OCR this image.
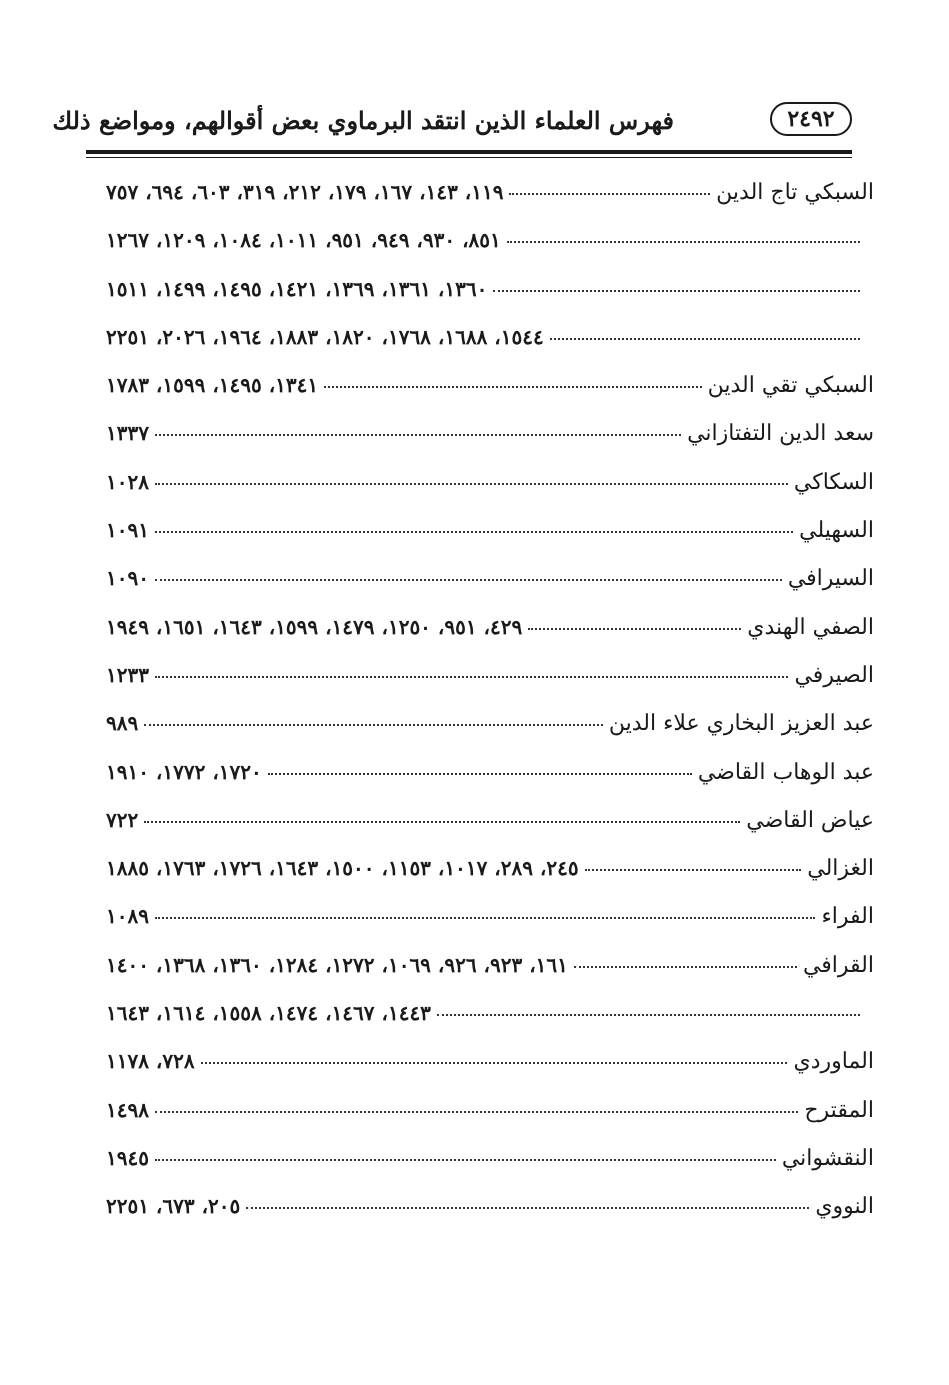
٢٤٩٢
فهرس العلماء الذين انتقد البرماوي بعض أقوالهم، ومواضع ذلك
السبكي تاج الدين
١١٩، ١٤٣، ١٦٧، ١٧٩، ٢١٢، ٣١٩، ٦٠٣، ٦٩٤، ٧٥٧
٨٥١، ٩٣٠، ٩٤٩، ٩٥١، ١٠١١، ١٠٨٤، ١٢٠٩، ١٢٦٧
١٣٦٠، ١٣٦١، ١٣٦٩، ١٤٢١، ١٤٩٥، ١٤٩٩، ١٥١١
١٥٤٤، ١٦٨٨، ١٧٦٨، ١٨٢٠، ١٨٨٣، ١٩٦٤، ٢٠٢٦، ٢٢٥١
السبكي تقي الدين
١٣٤١، ١٤٩٥، ١٥٩٩، ١٧٨٣
سعد الدين التفتازاني
١٣٣٧
السكاكي
١٠٢٨
السهيلي
١٠٩١
السيرافي
١٠٩٠
الصفي الهندي
٤٢٩، ٩٥١، ١٢٥٠، ١٤٧٩، ١٥٩٩، ١٦٤٣، ١٦٥١، ١٩٤٩
الصيرفي
١٢٣٣
عبد العزيز البخاري علاء الدين
٩٨٩
عبد الوهاب القاضي
١٧٢٠، ١٧٧٢، ١٩١٠
عياض القاضي
٧٢٢
الغزالي
٢٤٥، ٢٨٩، ١٠١٧، ١١٥٣، ١٥٠٠، ١٦٤٣، ١٧٢٦، ١٧٦٣، ١٨٨٥
الفراء
١٠٨٩
القرافي
١٦١، ٩٢٣، ٩٢٦، ١٠٦٩، ١٢٧٢، ١٢٨٤، ١٣٦٠، ١٣٦٨، ١٤٠٠
١٤٤٣، ١٤٦٧، ١٤٧٤، ١٥٥٨، ١٦١٤، ١٦٤٣
الماوردي
٧٢٨، ١١٧٨
المقترح
١٤٩٨
النقشواني
١٩٤٥
النووي
٢٠٥، ٦٧٣، ٢٢٥١
